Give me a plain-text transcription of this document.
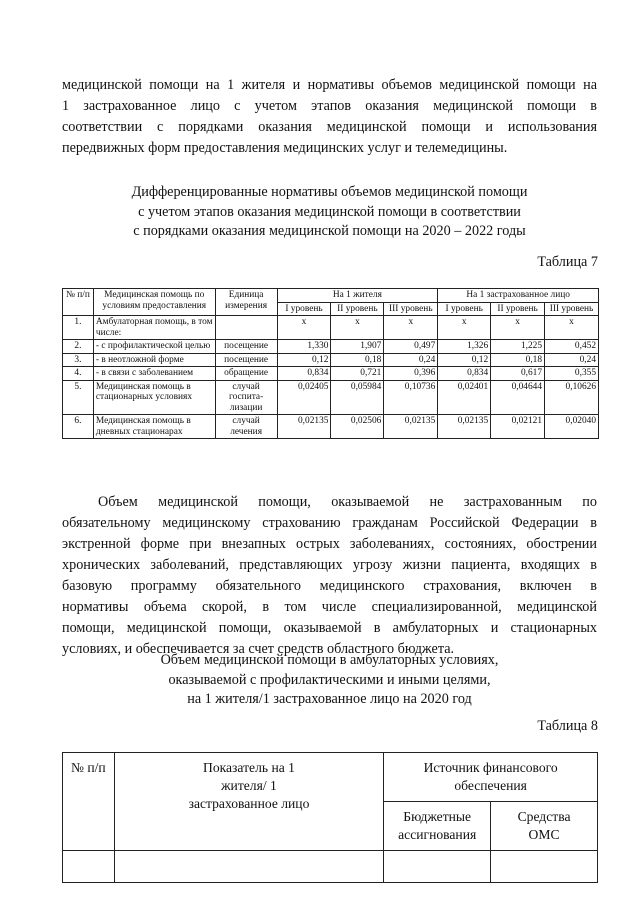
медицинской помощи на 1 жителя и нормативы объемов медицинской помощи на
1 застрахованное лицо с учетом этапов оказания медицинской помощи в
соответствии с порядками оказания медицинской помощи и использования
передвижных форм предоставления медицинских услуг и телемедицины.
Дифференцированные нормативы объемов медицинской помощи
с учетом этапов оказания медицинской помощи в соответствии
с порядками оказания медицинской помощи на 2020 – 2022 годы
Таблица 7
№ п/п	Медицинская помощь по условиям предоставления	Единица измерения	На 1 жителя			На 1 застрахованное лицо		
			I уровень	II уровень	III уровень	I уровень	II уровень	III уровень
1.	Амбулаторная помощь, в том числе:		х	х	х	х	х	х
2.	- с профилактической целью	посещение	1,330	1,907	0,497	1,326	1,225	0,452
3.	- в неотложной форме	посещение	0,12	0,18	0,24	0,12	0,18	0,24
4.	- в связи с заболеванием	обращение	0,834	0,721	0,396	0,834	0,617	0,355
5.	Медицинская помощь в стационарных условиях	случай госпита-лизации	0,02405	0,05984	0,10736	0,02401	0,04644	0,10626
6.	Медицинская помощь в дневных стационарах	случай лечения	0,02135	0,02506	0,02135	0,02135	0,02121	0,02040
Объем медицинской помощи, оказываемой не застрахованным по
обязательному медицинскому страхованию гражданам Российской Федерации в
экстренной форме при внезапных острых заболеваниях, состояниях, обострении
хронических заболеваний, представляющих угрозу жизни пациента, входящих в
базовую программу обязательного медицинского страхования, включен в
нормативы объема скорой, в том числе специализированной, медицинской
помощи, медицинской помощи, оказываемой в амбулаторных и стационарных
условиях, и обеспечивается за счет средств областного бюджета.
Объем медицинской помощи в амбулаторных условиях,
оказываемой с профилактическими и иными целями,
на 1 жителя/1 застрахованное лицо на 2020 год
Таблица 8
№ п/п	Показатель на 1 жителя/ 1 застрахованное лицо	Источник финансового обеспечения	
		Бюджетные ассигнования	Средства ОМС
